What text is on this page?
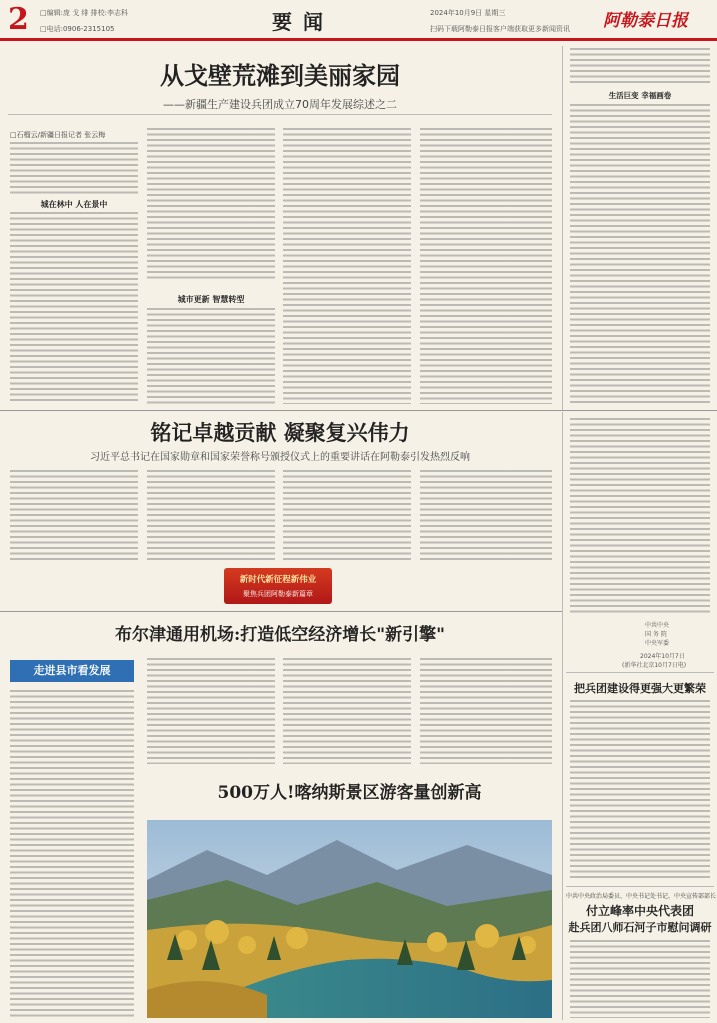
2 □编辑:庞 戈 绯 排校:李志科
□电话:0906-2315105	要 闻	2024年10月9日 星期三
扫码下载阿勒泰日报客户端获取更多新闻资讯 阿勒泰日报
从戈壁荒滩到美丽家园
——新疆生产建设兵团成立70周年发展综述之二
□石榴云/新疆日报记者 张云梅
城在林中 人在景中
城市更新 智慧转型
生活巨变 幸福画卷
铭记卓越贡献 凝聚复兴伟力
习近平总书记在国家勋章和国家荣誉称号颁授仪式上的重要讲话在阿勒泰引发热烈反响
新时代新征程新伟业
聚焦兵团阿勒泰新篇章
中共中央
国 务 院
中央军委
2024年10月7日
(新华社北京10月7日电)
把兵团建设得更强大更繁荣
中共中央政治局委员、中央书记处书记、中央宣传部部长
付立峰率中央代表团
赴兵团八师石河子市慰问调研
布尔津通用机场:打造低空经济增长"新引擎"
走进县市看发展
500万人!喀纳斯景区游客量创新高
